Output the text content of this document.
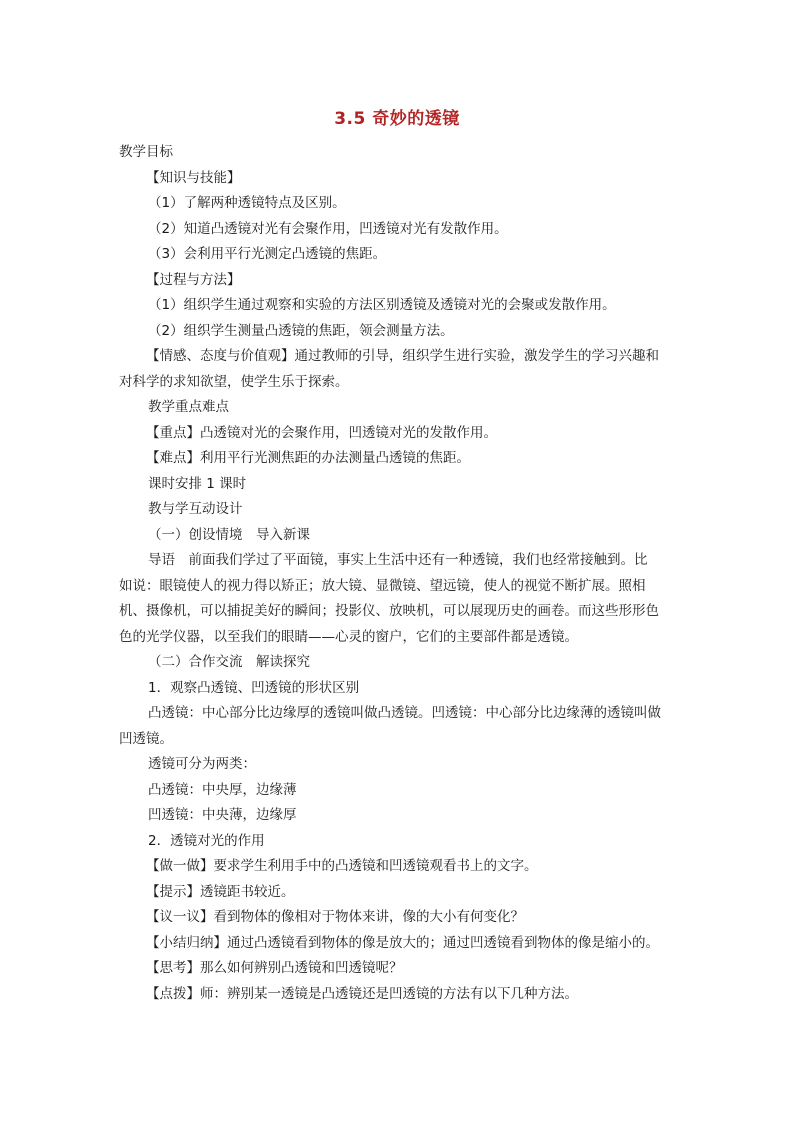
3.5 奇妙的透镜
教学目标
【知识与技能】
（1）了解两种透镜特点及区别。
（2）知道凸透镜对光有会聚作用，凹透镜对光有发散作用。
（3）会利用平行光测定凸透镜的焦距。
【过程与方法】
（1）组织学生通过观察和实验的方法区别透镜及透镜对光的会聚或发散作用。
（2）组织学生测量凸透镜的焦距，领会测量方法。
【情感、态度与价值观】通过教师的引导，组织学生进行实验，激发学生的学习兴趣和
对科学的求知欲望，使学生乐于探索。
教学重点难点
【重点】凸透镜对光的会聚作用，凹透镜对光的发散作用。
【难点】利用平行光测焦距的办法测量凸透镜的焦距。
课时安排 1 课时
教与学互动设计
（一）创设情境　导入新课
导语　前面我们学过了平面镜，事实上生活中还有一种透镜，我们也经常接触到。比
如说：眼镜使人的视力得以矫正；放大镜、显微镜、望远镜，使人的视觉不断扩展。照相
机、摄像机，可以捕捉美好的瞬间；投影仪、放映机，可以展现历史的画卷。而这些形形色
色的光学仪器，以至我们的眼睛——心灵的窗户，它们的主要部件都是透镜。
（二）合作交流　解读探究
1．观察凸透镜、凹透镜的形状区别
凸透镜：中心部分比边缘厚的透镜叫做凸透镜。凹透镜：中心部分比边缘薄的透镜叫做
凹透镜。
透镜可分为两类：
凸透镜：中央厚，边缘薄
凹透镜：中央薄，边缘厚
2．透镜对光的作用
【做一做】要求学生利用手中的凸透镜和凹透镜观看书上的文字。
【提示】透镜距书较近。
【议一议】看到物体的像相对于物体来讲，像的大小有何变化？
【小结归纳】通过凸透镜看到物体的像是放大的；通过凹透镜看到物体的像是缩小的。
【思考】那么如何辨别凸透镜和凹透镜呢？
【点拨】师：辨别某一透镜是凸透镜还是凹透镜的方法有以下几种方法。
